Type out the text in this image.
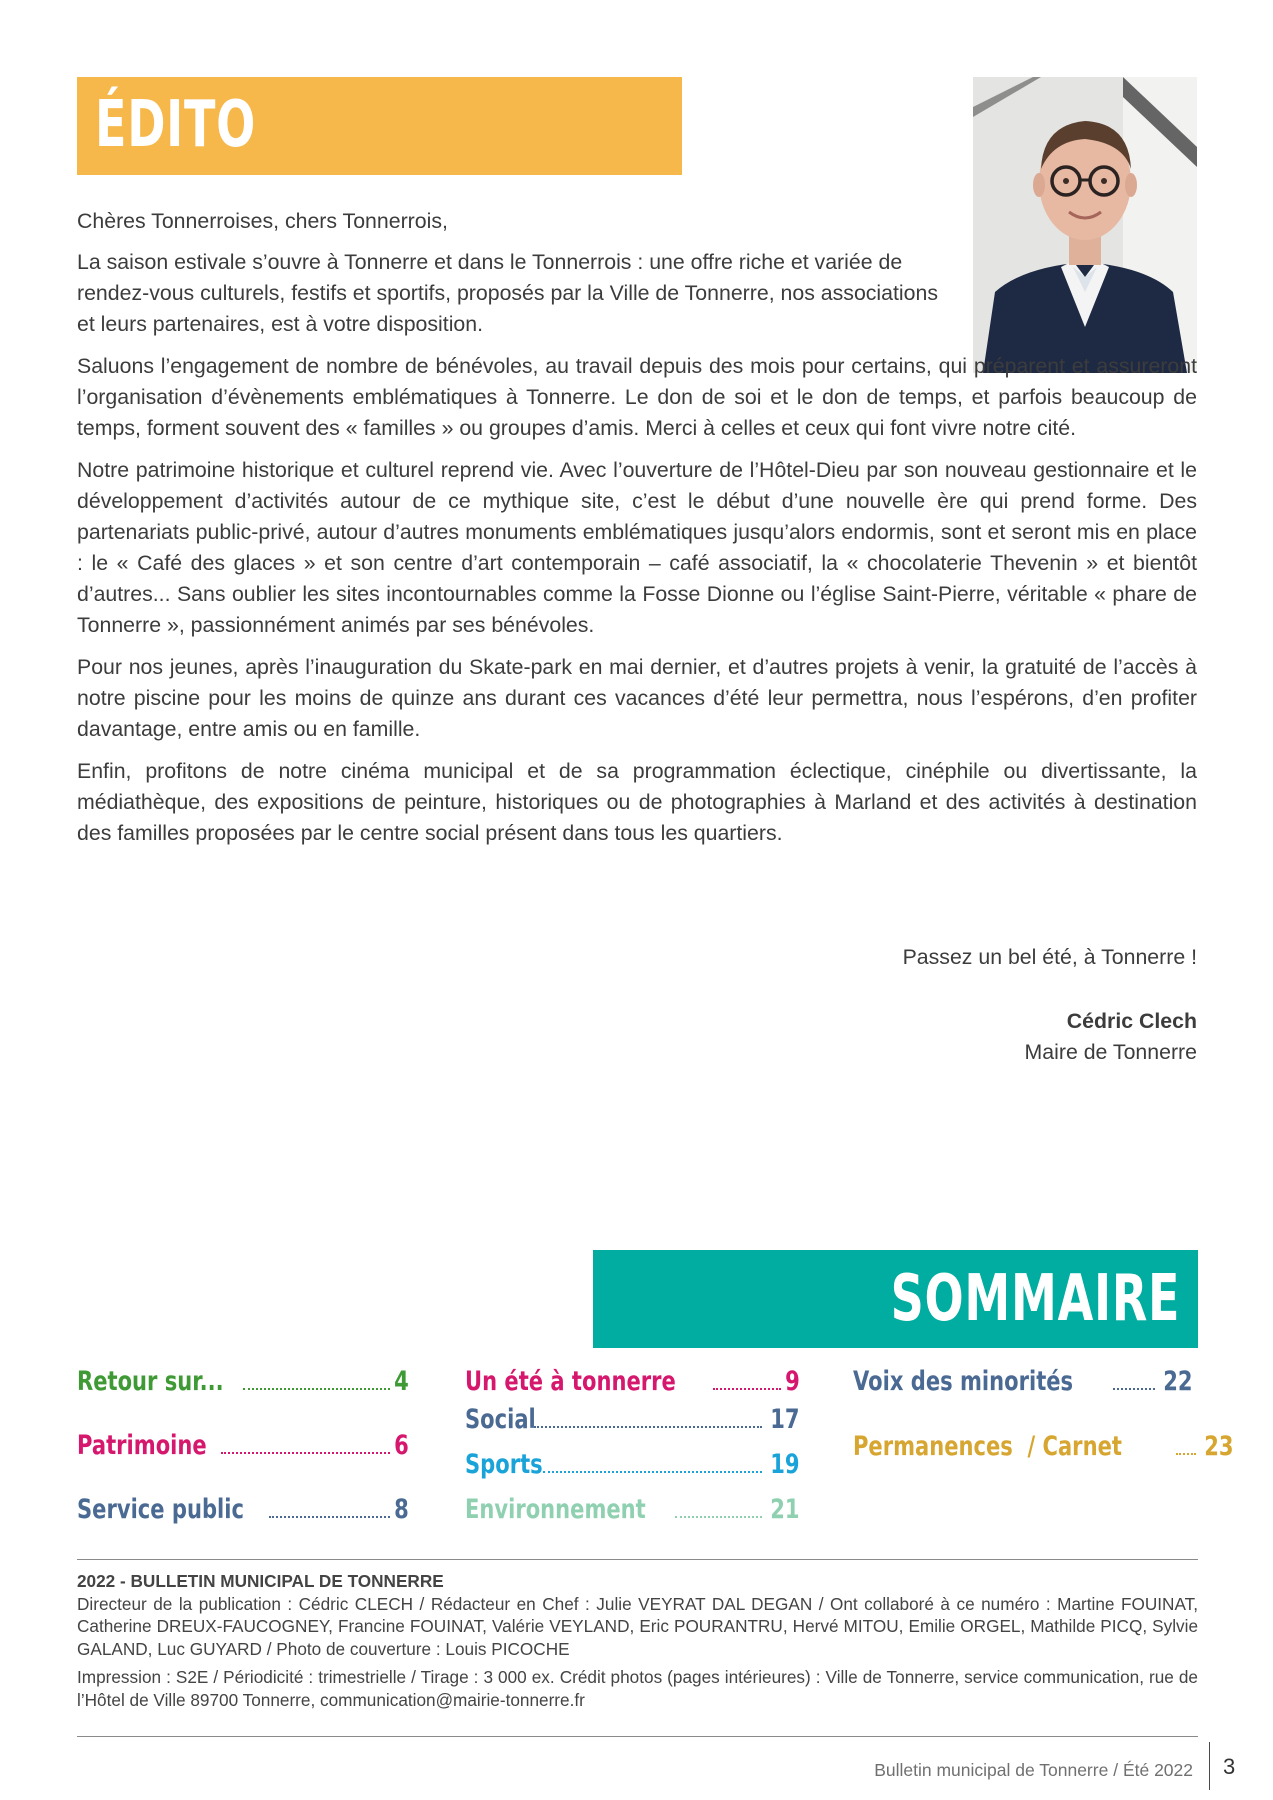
ÉDITO

Chères Tonnerroises, chers Tonnerrois,

La saison estivale s’ouvre à Tonnerre et dans le Tonnerrois : une offre riche et variée de rendez-vous culturels, festifs et sportifs, proposés par la Ville de Tonnerre, nos associations et leurs partenaires, est à votre disposition.

Saluons l’engagement de nombre de bénévoles, au travail depuis des mois pour certains, qui préparent et assureront l’organisation d’évènements emblématiques à Tonnerre. Le don de soi et le don de temps, et parfois beaucoup de temps, forment souvent des « familles » ou groupes d’amis. Merci à celles et ceux qui font vivre notre cité.

Notre patrimoine historique et culturel reprend vie. Avec l’ouverture de l’Hôtel-Dieu par son nouveau gestionnaire et le développement d’activités autour de ce mythique site, c’est le début d’une nouvelle ère qui prend forme. Des partenariats public-privé, autour d’autres monuments emblématiques jusqu’alors endormis, sont et seront mis en place : le « Café des glaces » et son centre d’art contemporain – café associatif, la « chocolaterie Thevenin » et bientôt d’autres... Sans oublier les sites incontournables comme la Fosse Dionne ou l’église Saint-Pierre, véritable « phare de Tonnerre », passionnément animés par ses bénévoles.

Pour nos jeunes, après l’inauguration du Skate-park en mai dernier, et d’autres projets à venir, la gratuité de l’accès à notre piscine pour les moins de quinze ans durant ces vacances d’été leur permettra, nous l’espérons, d’en profiter davantage, entre amis ou en famille.

Enfin, profitons de notre cinéma municipal et de sa programmation éclectique, cinéphile ou divertissante, la médiathèque, des expositions de peinture, historiques ou de photographies à Marland et des activités à destination des familles proposées par le centre social présent dans tous les quartiers.

Passez un bel été, à Tonnerre !
Cédric Clech
Maire de Tonnerre
SOMMAIRE
Retour sur...	4
Patrimoine	6
Service public	8
Un été à tonnerre	9
Social	17
Sports	19
Environnement	21
Voix des minorités	22
Permanences  / Carnet	23
2022 - BULLETIN MUNICIPAL DE TONNERRE

Directeur de la publication : Cédric CLECH / Rédacteur en Chef : Julie VEYRAT DAL DEGAN / Ont collaboré à ce numéro : Martine FOUINAT, Catherine DREUX-FAUCOGNEY, Francine FOUINAT, Valérie VEYLAND, Eric POURANTRU, Hervé MITOU, Emilie ORGEL, Mathilde PICQ, Sylvie GALAND, Luc GUYARD / Photo de couverture : Louis PICOCHE

Impression : S2E / Périodicité : trimestrielle / Tirage : 3 000 ex. Crédit photos (pages intérieures) : Ville de Tonnerre, service communication, rue de l’Hôtel de Ville 89700 Tonnerre, communication@mairie-tonnerre.fr

Bulletin municipal de Tonnerre / Été 2022 3
